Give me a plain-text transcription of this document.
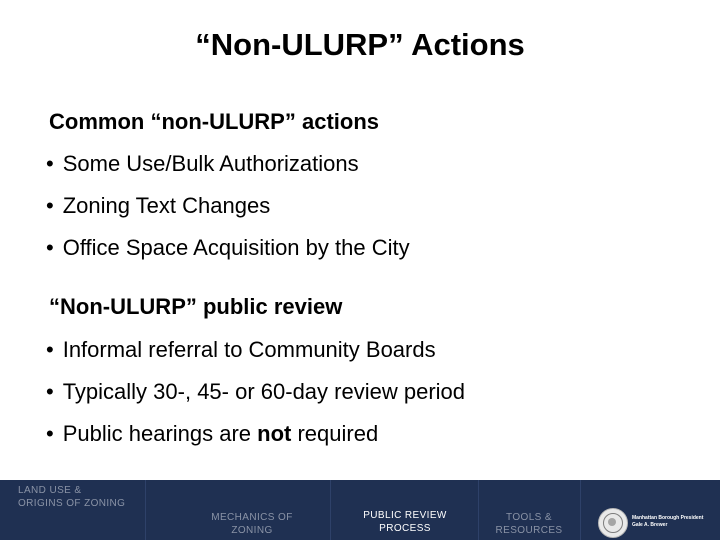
“Non-ULURP” Actions
Common “non-ULURP” actions
• Some Use/Bulk Authorizations
• Zoning Text Changes
• Office Space Acquisition by the City
“Non-ULURP” public review
• Informal referral to Community Boards
• Typically 30-, 45- or 60-day review period
• Public hearings are not required
LAND USE &
ORIGINS OF ZONING
MECHANICS OF
ZONING
PUBLIC REVIEW
PROCESS
TOOLS &
RESOURCES
Manhattan Borough President
Gale A. Brewer
